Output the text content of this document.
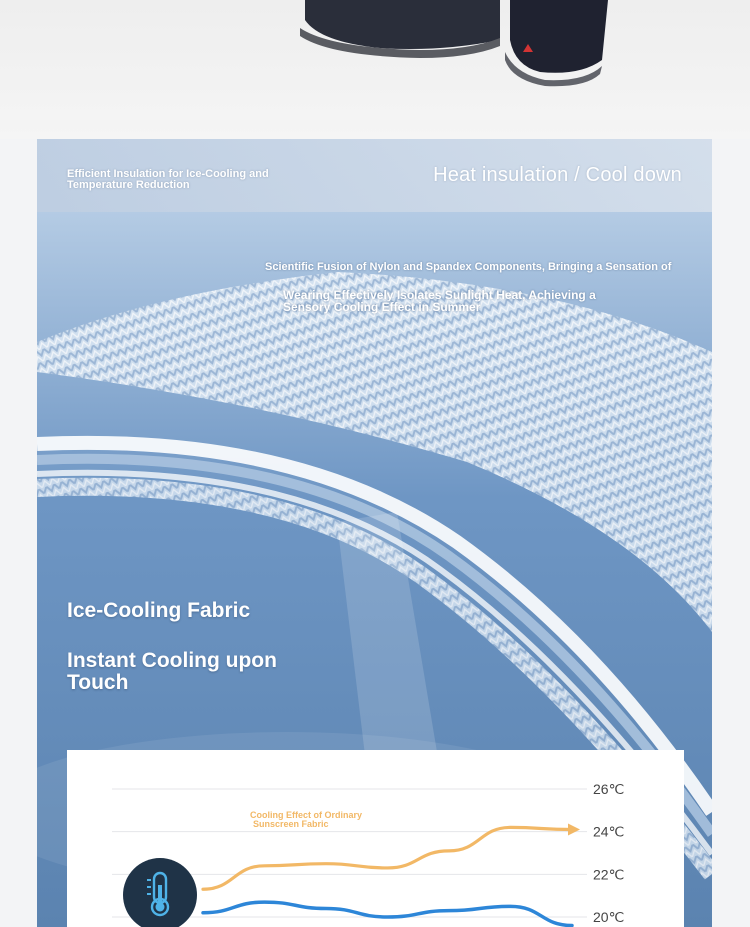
Efficient Insulation for Ice-Cooling and Temperature Reduction	Heat insulation / Cool down
Scientific Fusion of Nylon and Spandex Components, Bringing a Sensation of
Wearing Effectively Isolates Sunlight Heat, Achieving a Sensory Cooling Effect in Summer
Ice-Cooling Fabric
Instant Cooling upon Touch
26℃
24℃
22℃
20℃
Cooling Effect of Ordinary Sunscreen Fabric
